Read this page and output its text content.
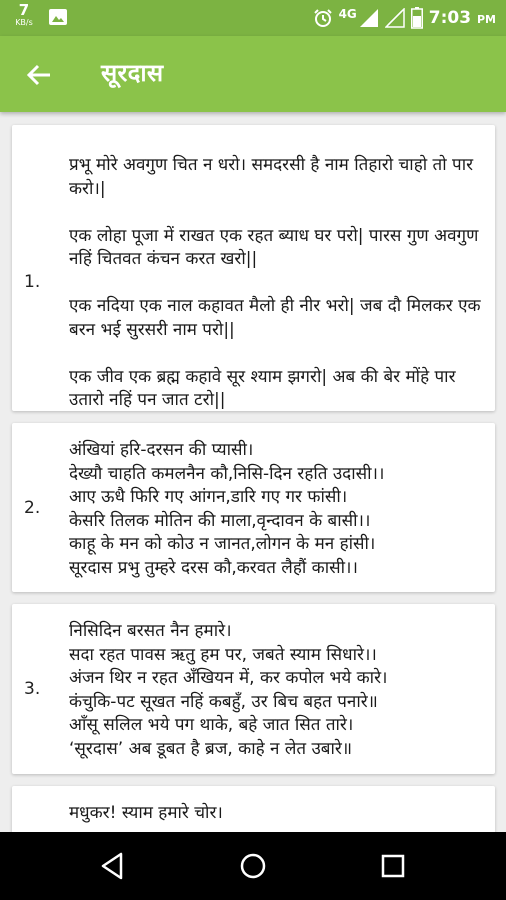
7
KB/s
4G	7:03 PM
सूरदास
1.
प्रभू मोरे अवगुण चित न धरो। समदरसी है नाम तिहारो चाहो तो पार करो।|

एक लोहा पूजा में राखत एक रहत ब्याध घर परो| पारस गुण अवगुण नहिं चितवत कंचन करत खरो||

एक नदिया एक नाल कहावत मैलो ही नीर भरो| जब दौ मिलकर एक बरन भई सुरसरी नाम परो||

एक जीव एक ब्रह्म कहावे सूर श्याम झगरो| अब की बेर मोंहे पार उतारो नहिं पन जात टरो||
2.
अंखियां हरि-दरसन की प्यासी।
देख्यौ चाहति कमलनैन कौ,निसि-दिन रहति उदासी।।
आए ऊधै फिरि गए आंगन,डारि गए गर फांसी।
केसरि तिलक मोतिन की माला,वृन्दावन के बासी।।
काहू के मन को कोउ न जानत,लोगन के मन हांसी।
सूरदास प्रभु तुम्हरे दरस कौ,करवत लैहौं कासी।।
3.
निसिदिन बरसत नैन हमारे।
सदा रहत पावस ऋतु हम पर, जबते स्याम सिधारे।।
अंजन थिर न रहत अँखियन में, कर कपोल भये कारे।
कंचुकि-पट सूखत नहिं कबहुँ, उर बिच बहत पनारे॥
आँसू सलिल भये पग थाके, बहे जात सित तारे।
‘सूरदास’ अब डूबत है ब्रज, काहे न लेत उबारे॥
मधुकर! स्याम हमारे चोर।
